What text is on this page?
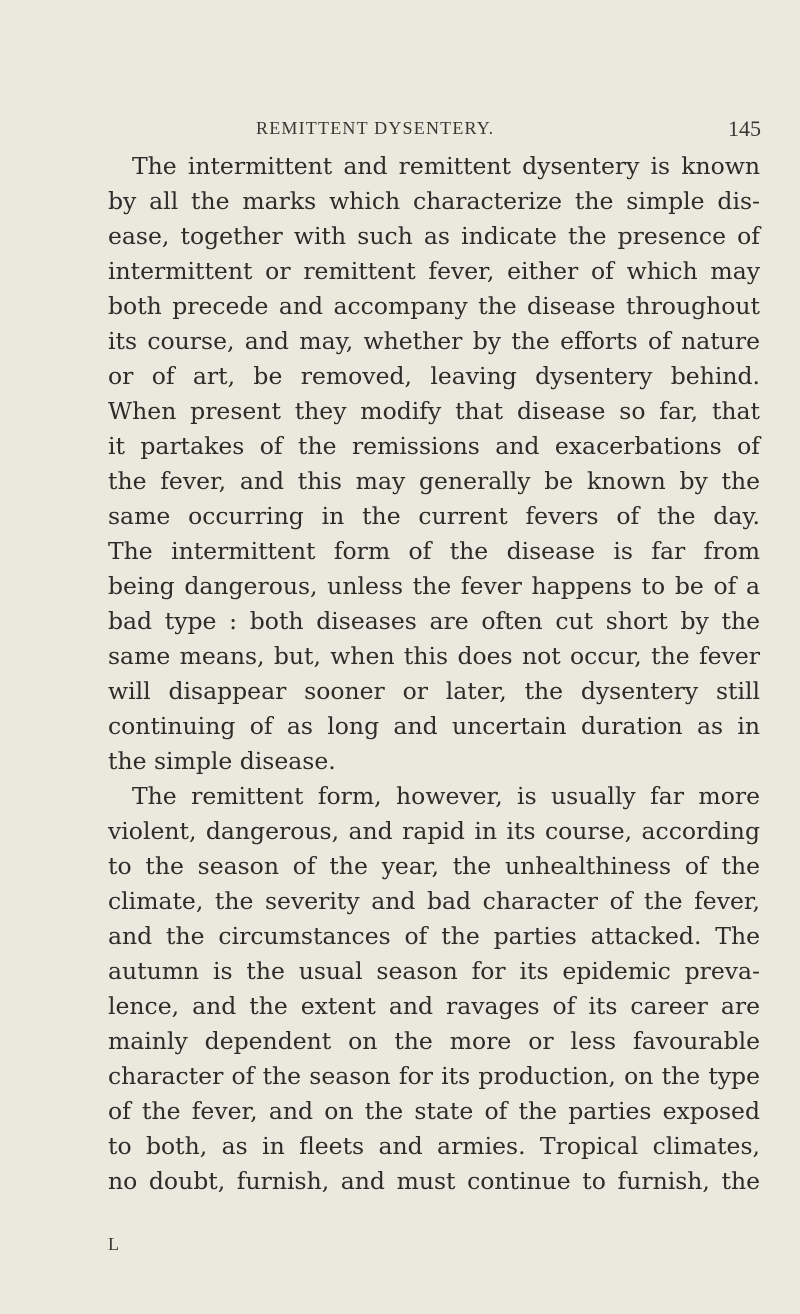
REMITTENT DYSENTERY.	145
The intermittent and remittent dysentery is known
by all the marks which characterize the simple dis-
ease, together with such as indicate the presence of
intermittent or remittent fever, either of which may
both precede and accompany the disease throughout
its course, and may, whether by the efforts of nature
or of art, be removed, leaving dysentery behind.
When present they modify that disease so far, that
it partakes of the remissions and exacerbations of
the fever, and this may generally be known by the
same occurring in the current fevers of the day.
The intermittent form of the disease is far from
being dangerous, unless the fever happens to be of a
bad type : both diseases are often cut short by the
same means, but, when this does not occur, the fever
will disappear sooner or later, the dysentery still
continuing of as long and uncertain duration as in
the simple disease.
The remittent form, however, is usually far more
violent, dangerous, and rapid in its course, according
to the season of the year, the unhealthiness of the
climate, the severity and bad character of the fever,
and the circumstances of the parties attacked. The
autumn is the usual season for its epidemic preva-
lence, and the extent and ravages of its career are
mainly dependent on the more or less favourable
character of the season for its production, on the type
of the fever, and on the state of the parties exposed
to both, as in fleets and armies. Tropical climates,
no doubt, furnish, and must continue to furnish, the
L
